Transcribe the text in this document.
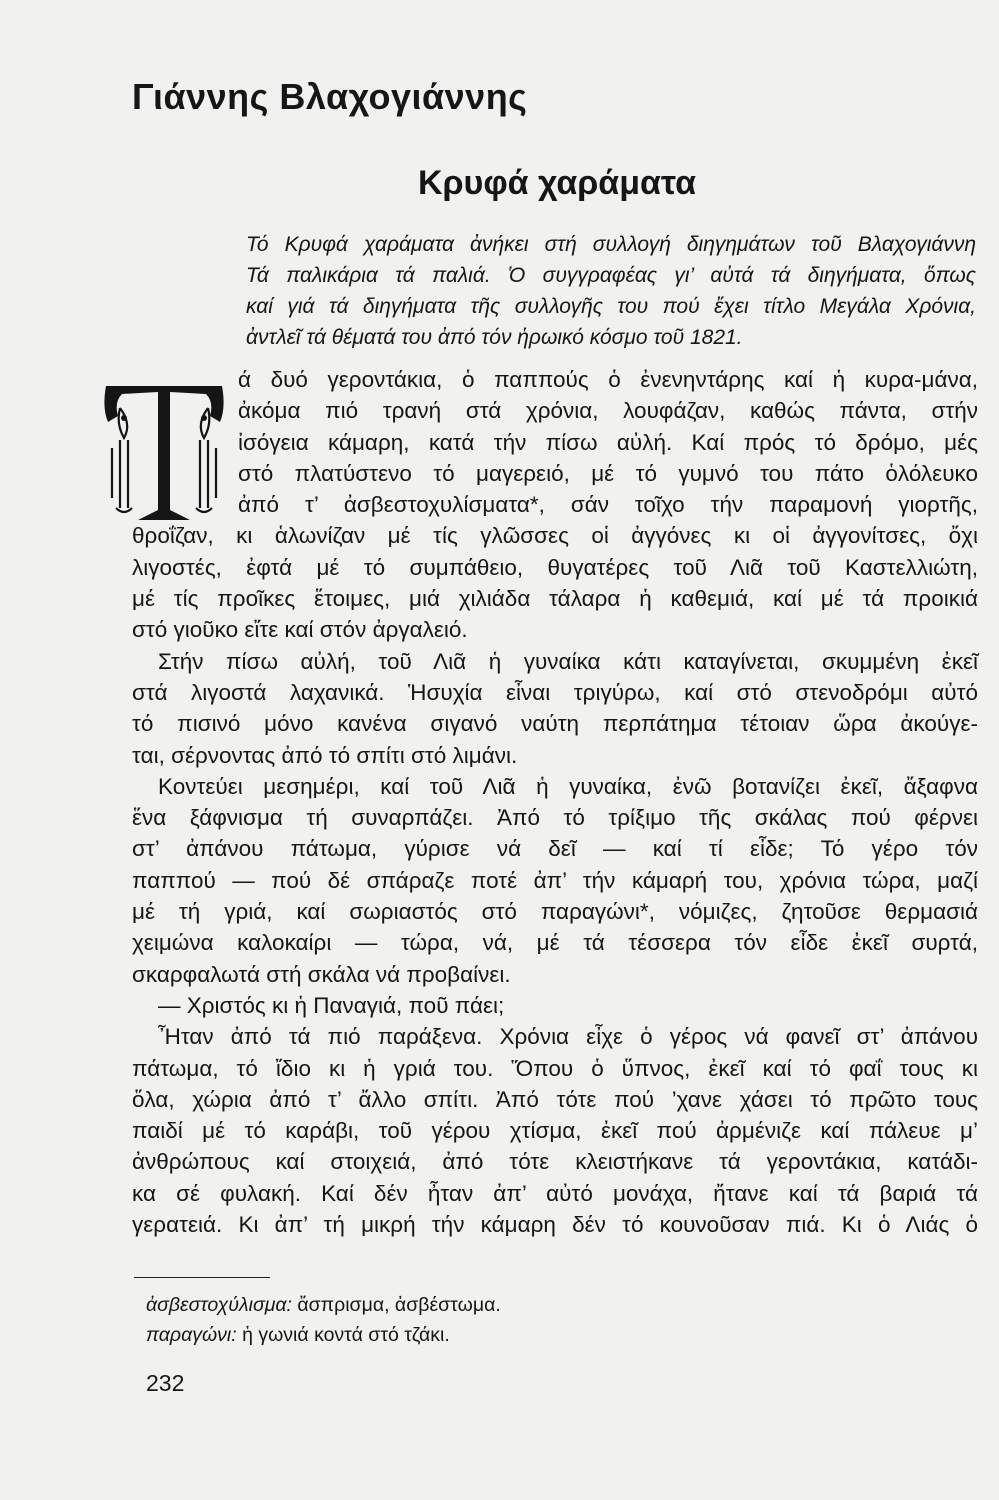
Γιάννης Βλαχογιάννης
Κρυφά χαράματα
Τό Κρυφά χαράματα ἀνήκει στή συλλογή διηγημάτων τοῦ Βλαχογιάννη
Τά παλικάρια τά παλιά. Ὁ συγγραφέας γι’ αὐτά τά διηγήματα, ὅπως
καί γιά τά διηγήματα τῆς συλλογῆς του πού ἔχει τίτλο Μεγάλα Χρόνια,
ἀντλεῖ τά θέματά του ἀπό τόν ἡρωικό κόσμο τοῦ 1821.
ά δυό γεροντάκια, ὁ παππούς ὁ ἐνενηντάρης καί ἡ κυρα-μάνα,
ἀκόμα πιό τρανή στά χρόνια, λουφάζαν, καθώς πάντα, στήν
ἰσόγεια κάμαρη, κατά τήν πίσω αὐλή. Καί πρός τό δρόμο, μές
στό πλατύστενο τό μαγερειό, μέ τό γυμνό του πάτο ὁλόλευκο
ἀπό τ’ ἀσβεστοχυλίσματα*, σάν τοῖχο τήν παραμονή γιορτῆς,
θροΐζαν, κι ἁλωνίζαν μέ τίς γλῶσσες οἱ ἀγγόνες κι οἱ ἀγγονίτσες, ὄχι
λιγοστές, ἐφτά μέ τό συμπάθειο, θυγατέρες τοῦ Λιᾶ τοῦ Καστελλιώτη,
μέ τίς προῖκες ἕτοιμες, μιά χιλιάδα τάλαρα ἡ καθεμιά, καί μέ τά προικιά
στό γιοῦκο εἴτε καί στόν ἀργαλειό.
Στήν πίσω αὐλή, τοῦ Λιᾶ ἡ γυναίκα κάτι καταγίνεται, σκυμμένη ἐκεῖ
στά λιγοστά λαχανικά. Ἡσυχία εἶναι τριγύρω, καί στό στενοδρόμι αὐτό
τό πισινό μόνο κανένα σιγανό ναύτη περπάτημα τέτοιαν ὥρα ἀκούγε-
ται, σέρνοντας ἀπό τό σπίτι στό λιμάνι.
Κοντεύει μεσημέρι, καί τοῦ Λιᾶ ἡ γυναίκα, ἐνῶ βοτανίζει ἐκεῖ, ἄξαφνα
ἕνα ξάφνισμα τή συναρπάζει. Ἀπό τό τρίξιμο τῆς σκάλας πού φέρνει
στ’ ἀπάνου πάτωμα, γύρισε νά δεῖ — καί τί εἶδε; Τό γέρο τόν
παππού — πού δέ σπάραζε ποτέ ἀπ’ τήν κάμαρή του, χρόνια τώρα, μαζί
μέ τή γριά, καί σωριαστός στό παραγώνι*, νόμιζες, ζητοῦσε θερμασιά
χειμώνα καλοκαίρι — τώρα, νά, μέ τά τέσσερα τόν εἶδε ἐκεῖ συρτά,
σκαρφαλωτά στή σκάλα νά προβαίνει.
— Χριστός κι ἡ Παναγιά, ποῦ πάει;
Ἦταν ἀπό τά πιό παράξενα. Χρόνια εἶχε ὁ γέρος νά φανεῖ στ’ ἀπάνου
πάτωμα, τό ἴδιο κι ἡ γριά του. Ὅπου ὁ ὕπνος, ἐκεῖ καί τό φαΐ τους κι
ὅλα, χώρια ἀπό τ’ ἄλλο σπίτι. Ἀπό τότε πού ’χανε χάσει τό πρῶτο τους
παιδί μέ τό καράβι, τοῦ γέρου χτίσμα, ἐκεῖ πού ἀρμένιζε καί πάλευε μ’
ἀνθρώπους καί στοιχειά, ἀπό τότε κλειστήκανε τά γεροντάκια, κατάδι-
κα σέ φυλακή. Καί δέν ἦταν ἀπ’ αὐτό μονάχα, ἤτανε καί τά βαριά τά
γερατειά. Κι ἀπ’ τή μικρή τήν κάμαρη δέν τό κουνοῦσαν πιά. Κι ὁ Λιάς ὁ
ἀσβεστοχύλισμα: ἄσπρισμα, ἀσβέστωμα.
παραγώνι: ἡ γωνιά κοντά στό τζάκι.
232
